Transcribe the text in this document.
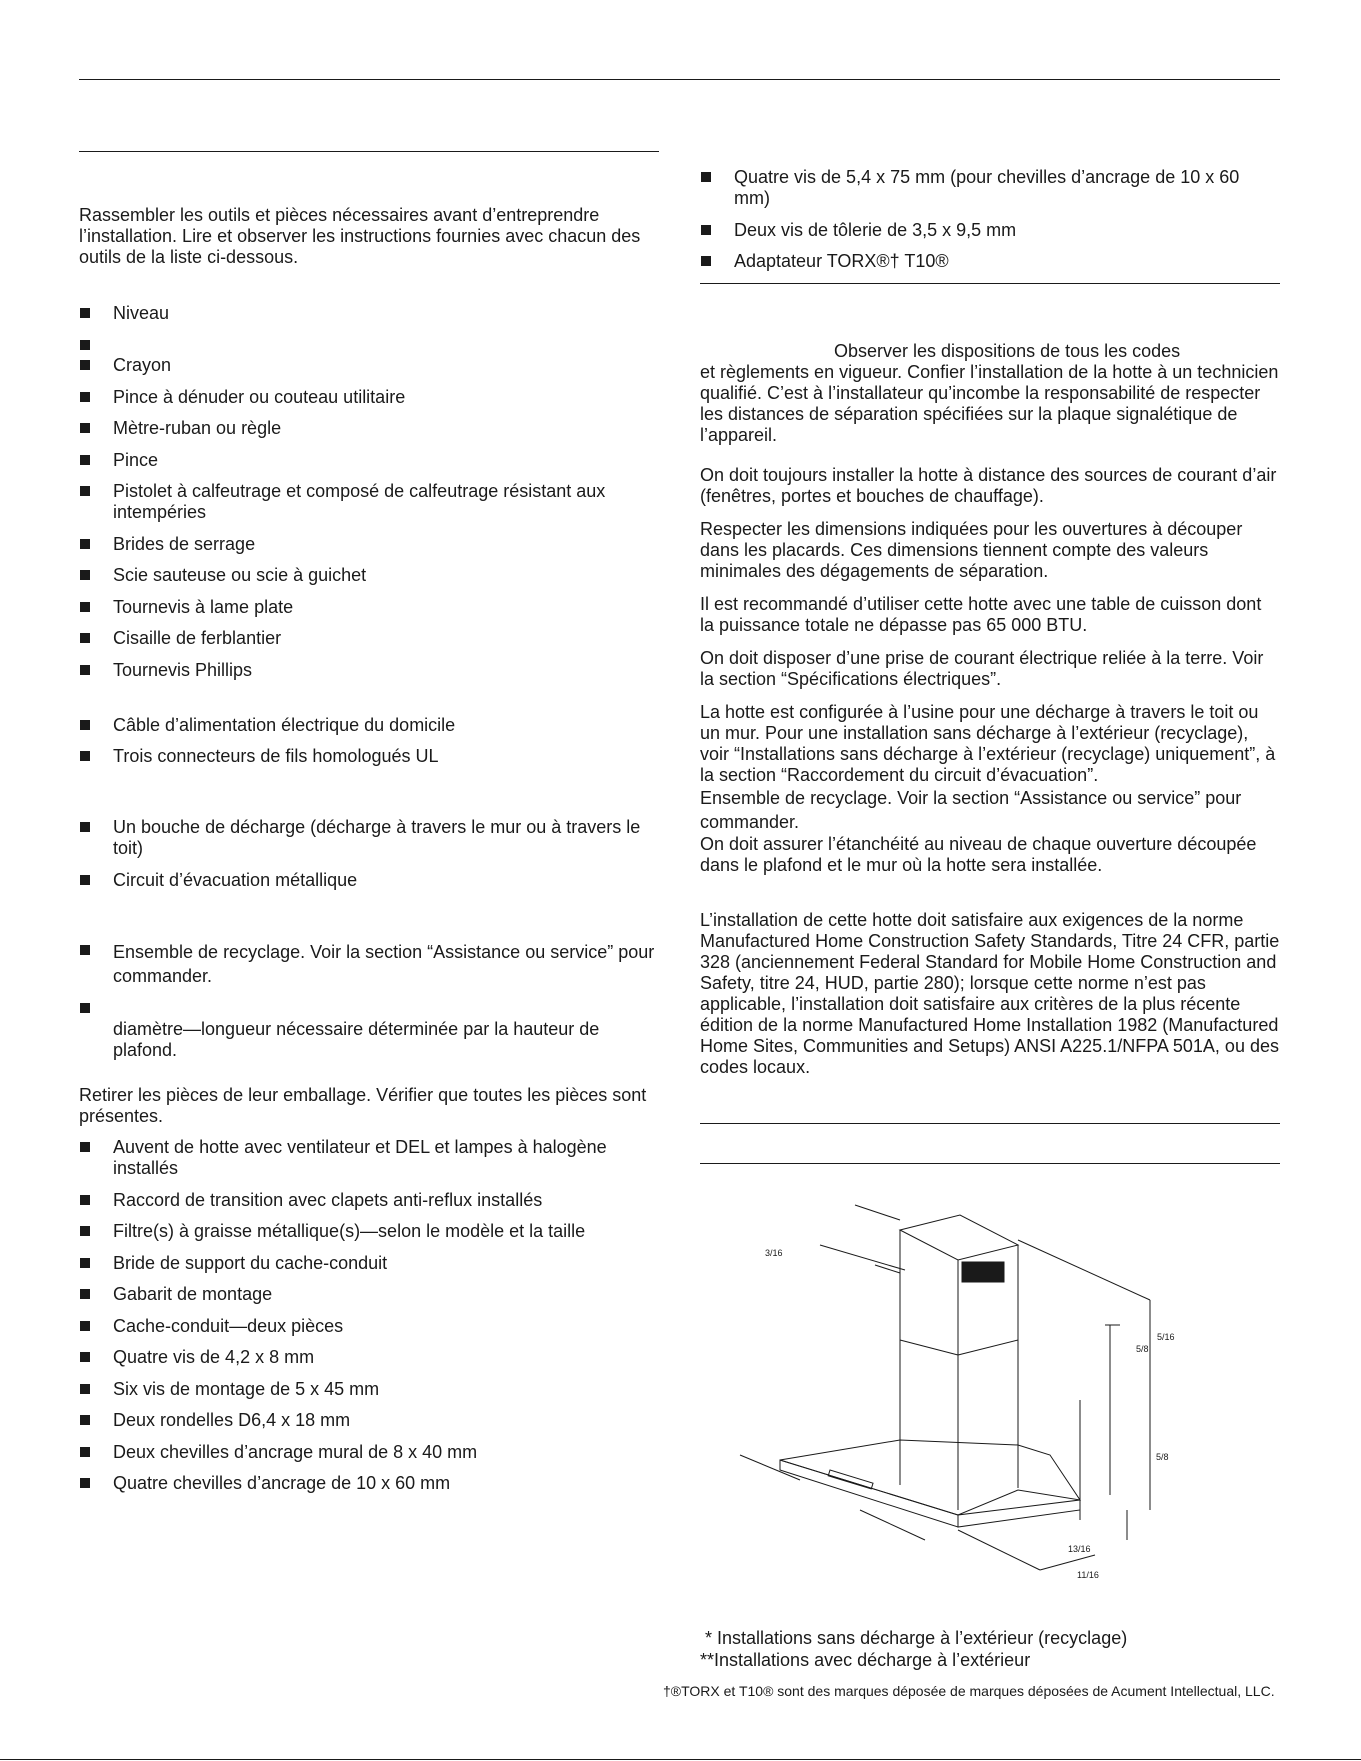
Rassembler les outils et pièces nécessaires avant d’entreprendre l’installation. Lire et observer les instructions fournies avec chacun des outils de la liste ci-dessous.

Niveau
Crayon
Pince à dénuder ou couteau utilitaire
Mètre-ruban ou règle
Pince
Pistolet à calfeutrage et composé de calfeutrage résistant aux intempéries
Brides de serrage
Scie sauteuse ou scie à guichet
Tournevis à lame plate
Cisaille de ferblantier
Tournevis Phillips
Câble d’alimentation électrique du domicile
Trois connecteurs de fils homologués UL
Un bouche de décharge (décharge à travers le mur ou à travers le toit)
Circuit d’évacuation métallique
Ensemble de recyclage. Voir la section “Assistance ou service” pour commander.
diamètre—longueur nécessaire déterminée par la hauteur de plafond.

Retirer les pièces de leur emballage. Vérifier que toutes les pièces sont présentes.

Auvent de hotte avec ventilateur et DEL et lampes à halogène installés
Raccord de transition avec clapets anti-reflux installés
Filtre(s) à graisse métallique(s)—selon le modèle et la taille
Bride de support du cache-conduit
Gabarit de montage
Cache-conduit—deux pièces
Quatre vis de 4,2 x 8 mm
Six vis de montage de 5 x 45 mm
Deux rondelles D6,4 x 18 mm
Deux chevilles d’ancrage mural de 8 x 40 mm
Quatre chevilles d’ancrage de 10 x 60 mm
Quatre vis de 5,4 x 75 mm (pour chevilles d’ancrage de 10 x 60 mm)
Deux vis de tôlerie de 3,5 x 9,5 mm
Adaptateur TORX®† T10®

Observer les dispositions de tous les codes
et règlements en vigueur. Confier l’installation de la hotte à un technicien qualifié. C’est à l’installateur qu’incombe la responsabilité de respecter les distances de séparation spécifiées sur la plaque signalétique de l’appareil.

On doit toujours installer la hotte à distance des sources de courant d’air (fenêtres, portes et bouches de chauffage).

Respecter les dimensions indiquées pour les ouvertures à découper dans les placards. Ces dimensions tiennent compte des valeurs minimales des dégagements de séparation.

Il est recommandé d’utiliser cette hotte avec une table de cuisson dont la puissance totale ne dépasse pas 65 000 BTU.

On doit disposer d’une prise de courant électrique reliée à la terre. Voir la section “Spécifications électriques”.

La hotte est configurée à l’usine pour une décharge à travers le toit ou un mur. Pour une installation sans décharge à l’extérieur (recyclage), voir “Installations sans décharge à l’extérieur (recyclage) uniquement”, à la section “Raccordement du circuit d’évacuation”.

Ensemble de recyclage. Voir la section “Assistance ou service” pour commander.

On doit assurer l’étanchéité au niveau de chaque ouverture découpée dans le plafond et le mur où la hotte sera installée.

L’installation de cette hotte doit satisfaire aux exigences de la norme Manufactured Home Construction Safety Standards, Titre 24 CFR, partie 328 (anciennement Federal Standard for Mobile Home Construction and Safety, titre 24, HUD, partie 280); lorsque cette norme n’est pas applicable, l’installation doit satisfaire aux critères de la plus récente édition de la norme Manufactured Home Installation 1982 (Manufactured Home Sites, Communities and Setups) ANSI A225.1/NFPA 501A, ou des codes locaux.

3/16
5/16
5/8
5/8
13/16
11/16
* Installations sans décharge à l’extérieur (recyclage)
**Installations avec décharge à l’extérieur
†®TORX et T10® sont des marques déposée de marques déposées de Acument Intellectual, LLC.
